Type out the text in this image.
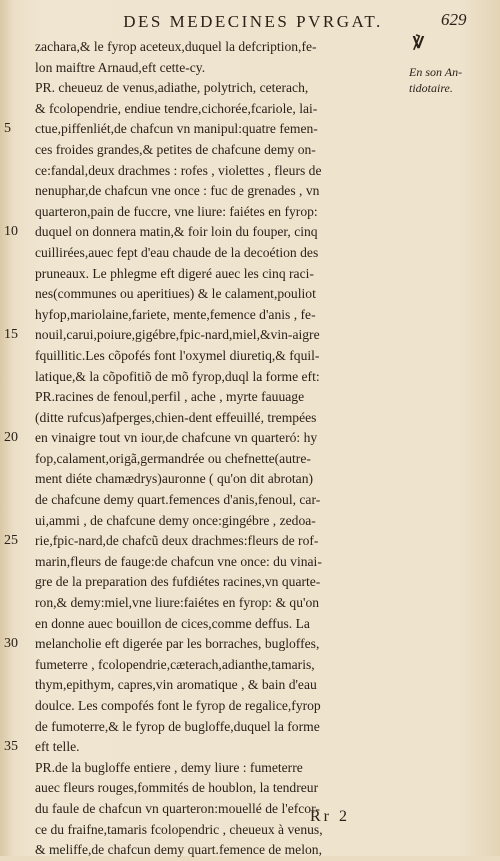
DES MEDECINES PVRGAT.	629
℣
En son An-
tidotaire.
5
10
15
20
25
30
35
zachara,& le fyrop aceteux,duquel la defcription,fe-
lon maiftre Arnaud,eft cette-cy.
PR. cheueuz de venus,adiathe, polytrich, ceterach,
& fcolopendrie, endiue tendre,cichorée,fcariole, lai-
ctue,piffenliét,de chafcun vn manipul:quatre femen-
ces froides grandes,& petites de chafcune demy on-
ce:fandal,deux drachmes : rofes , violettes , fleurs de
nenuphar,de chafcun vne once : fuc de grenades , vn
quarteron,pain de fuccre, vne liure: faiétes en fyrop:
duquel on donnera matin,& foir loin du fouper, cinq
cuillirées,auec fept d'eau chaude de la decoétion des
pruneaux. Le phlegme eft digeré auec les cinq raci-
nes(communes ou aperitiues) & le calament,pouliot
hyfop,mariolaine,fariete, mente,femence d'anis , fe-
nouil,carui,poiure,gigébre,fpic-nard,miel,&vin-aigre
fquillitic.Les cõpofés font l'oxymel diuretiq,& fquil-
latique,& la cõpofitiõ de mõ fyrop,duql la forme eft:
PR.racines de fenoul,perfil , ache , myrte fauuage
(ditte rufcus)afperges,chien-dent effeuillé, trempées
en vinaigre tout vn iour,de chafcune vn quarteró: hy
fop,calament,origã,germandrée ou chefnette(autre-
ment diéte chamædrys)auronne ( qu'on dit abrotan)
de chafcune demy quart.femences d'anis,fenoul, car-
ui,ammi , de chafcune demy once:gingébre , zedoa-
rie,fpic-nard,de chafcũ deux drachmes:fleurs de rof-
marin,fleurs de fauge:de chafcun vne once: du vinai-
gre de la preparation des fufdiétes racines,vn quarte-
ron,& demy:miel,vne liure:faiétes en fyrop: & qu'on
en donne auec bouillon de cices,comme deffus. La
melancholie eft digerée par les borraches, bugloffes,
fumeterre , fcolopendrie,cæterach,adianthe,tamaris,
thym,epithym, capres,vin aromatique , & bain d'eau
doulce. Les compofés font le fyrop de regalice,fyrop
de fumoterre,& le fyrop de bugloffe,duquel la forme
eft telle.
PR.de la bugloffe entiere , demy liure : fumeterre
auec fleurs rouges,fommités de houblon, la tendreur
du faule de chafcun vn quarteron:mouellé de l'efcor-
ce du fraifne,tamaris fcolopendric , cheueux à venus,
& meliffe,de chafcun demy quart.femence de melon,
Rr 2
